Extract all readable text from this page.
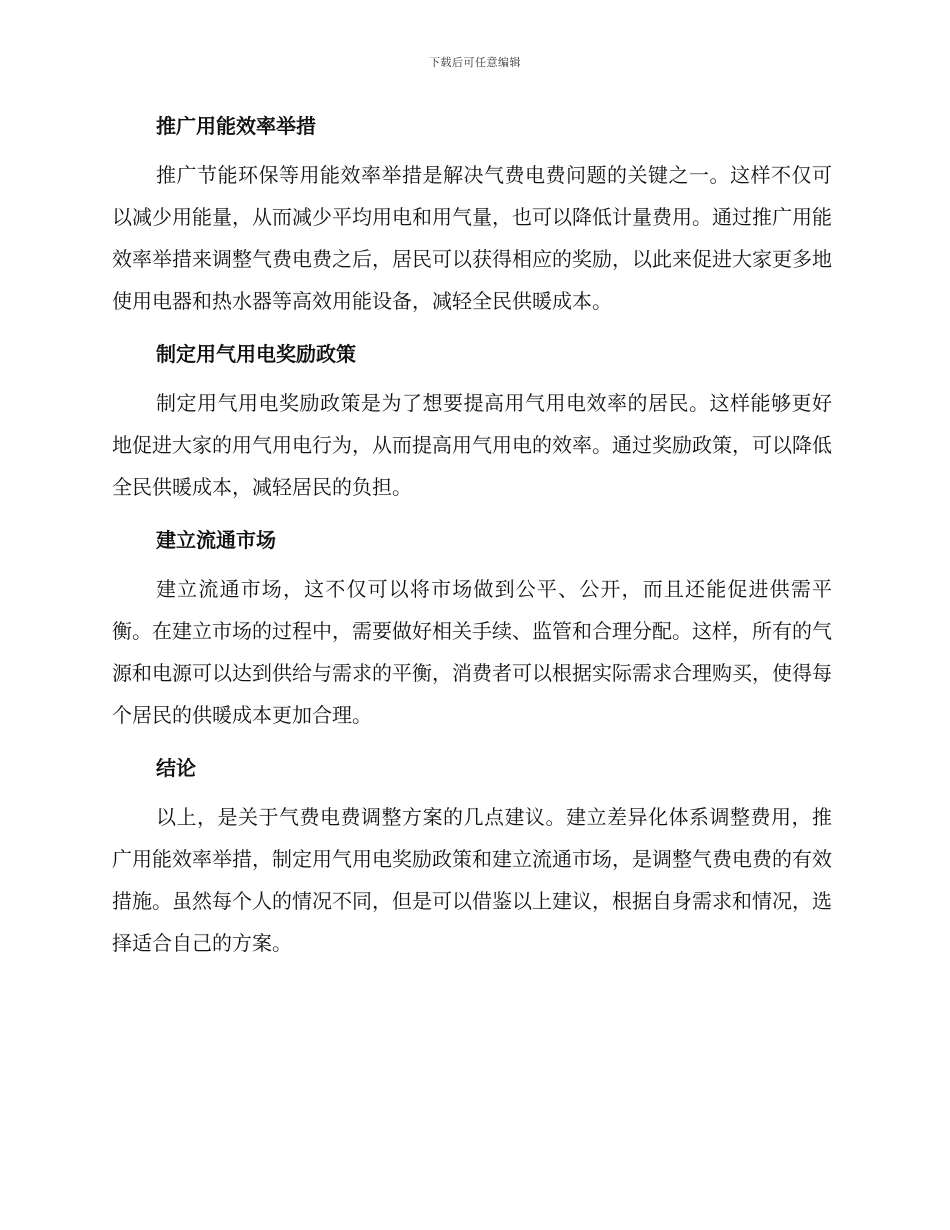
下载后可任意编辑
推广用能效率举措

推广节能环保等用能效率举措是解决气费电费问题的关键之一。这样不仅可以减少用能量，从而减少平均用电和用气量，也可以降低计量费用。通过推广用能效率举措来调整气费电费之后，居民可以获得相应的奖励，以此来促进大家更多地使用电器和热水器等高效用能设备，减轻全民供暖成本。

制定用气用电奖励政策

制定用气用电奖励政策是为了想要提高用气用电效率的居民。这样能够更好地促进大家的用气用电行为，从而提高用气用电的效率。通过奖励政策，可以降低全民供暖成本，减轻居民的负担。

建立流通市场

建立流通市场，这不仅可以将市场做到公平、公开，而且还能促进供需平衡。在建立市场的过程中，需要做好相关手续、监管和合理分配。这样，所有的气源和电源可以达到供给与需求的平衡，消费者可以根据实际需求合理购买，使得每个居民的供暖成本更加合理。

结论

以上，是关于气费电费调整方案的几点建议。建立差异化体系调整费用，推广用能效率举措，制定用气用电奖励政策和建立流通市场，是调整气费电费的有效措施。虽然每个人的情况不同，但是可以借鉴以上建议，根据自身需求和情况，选择适合自己的方案。
